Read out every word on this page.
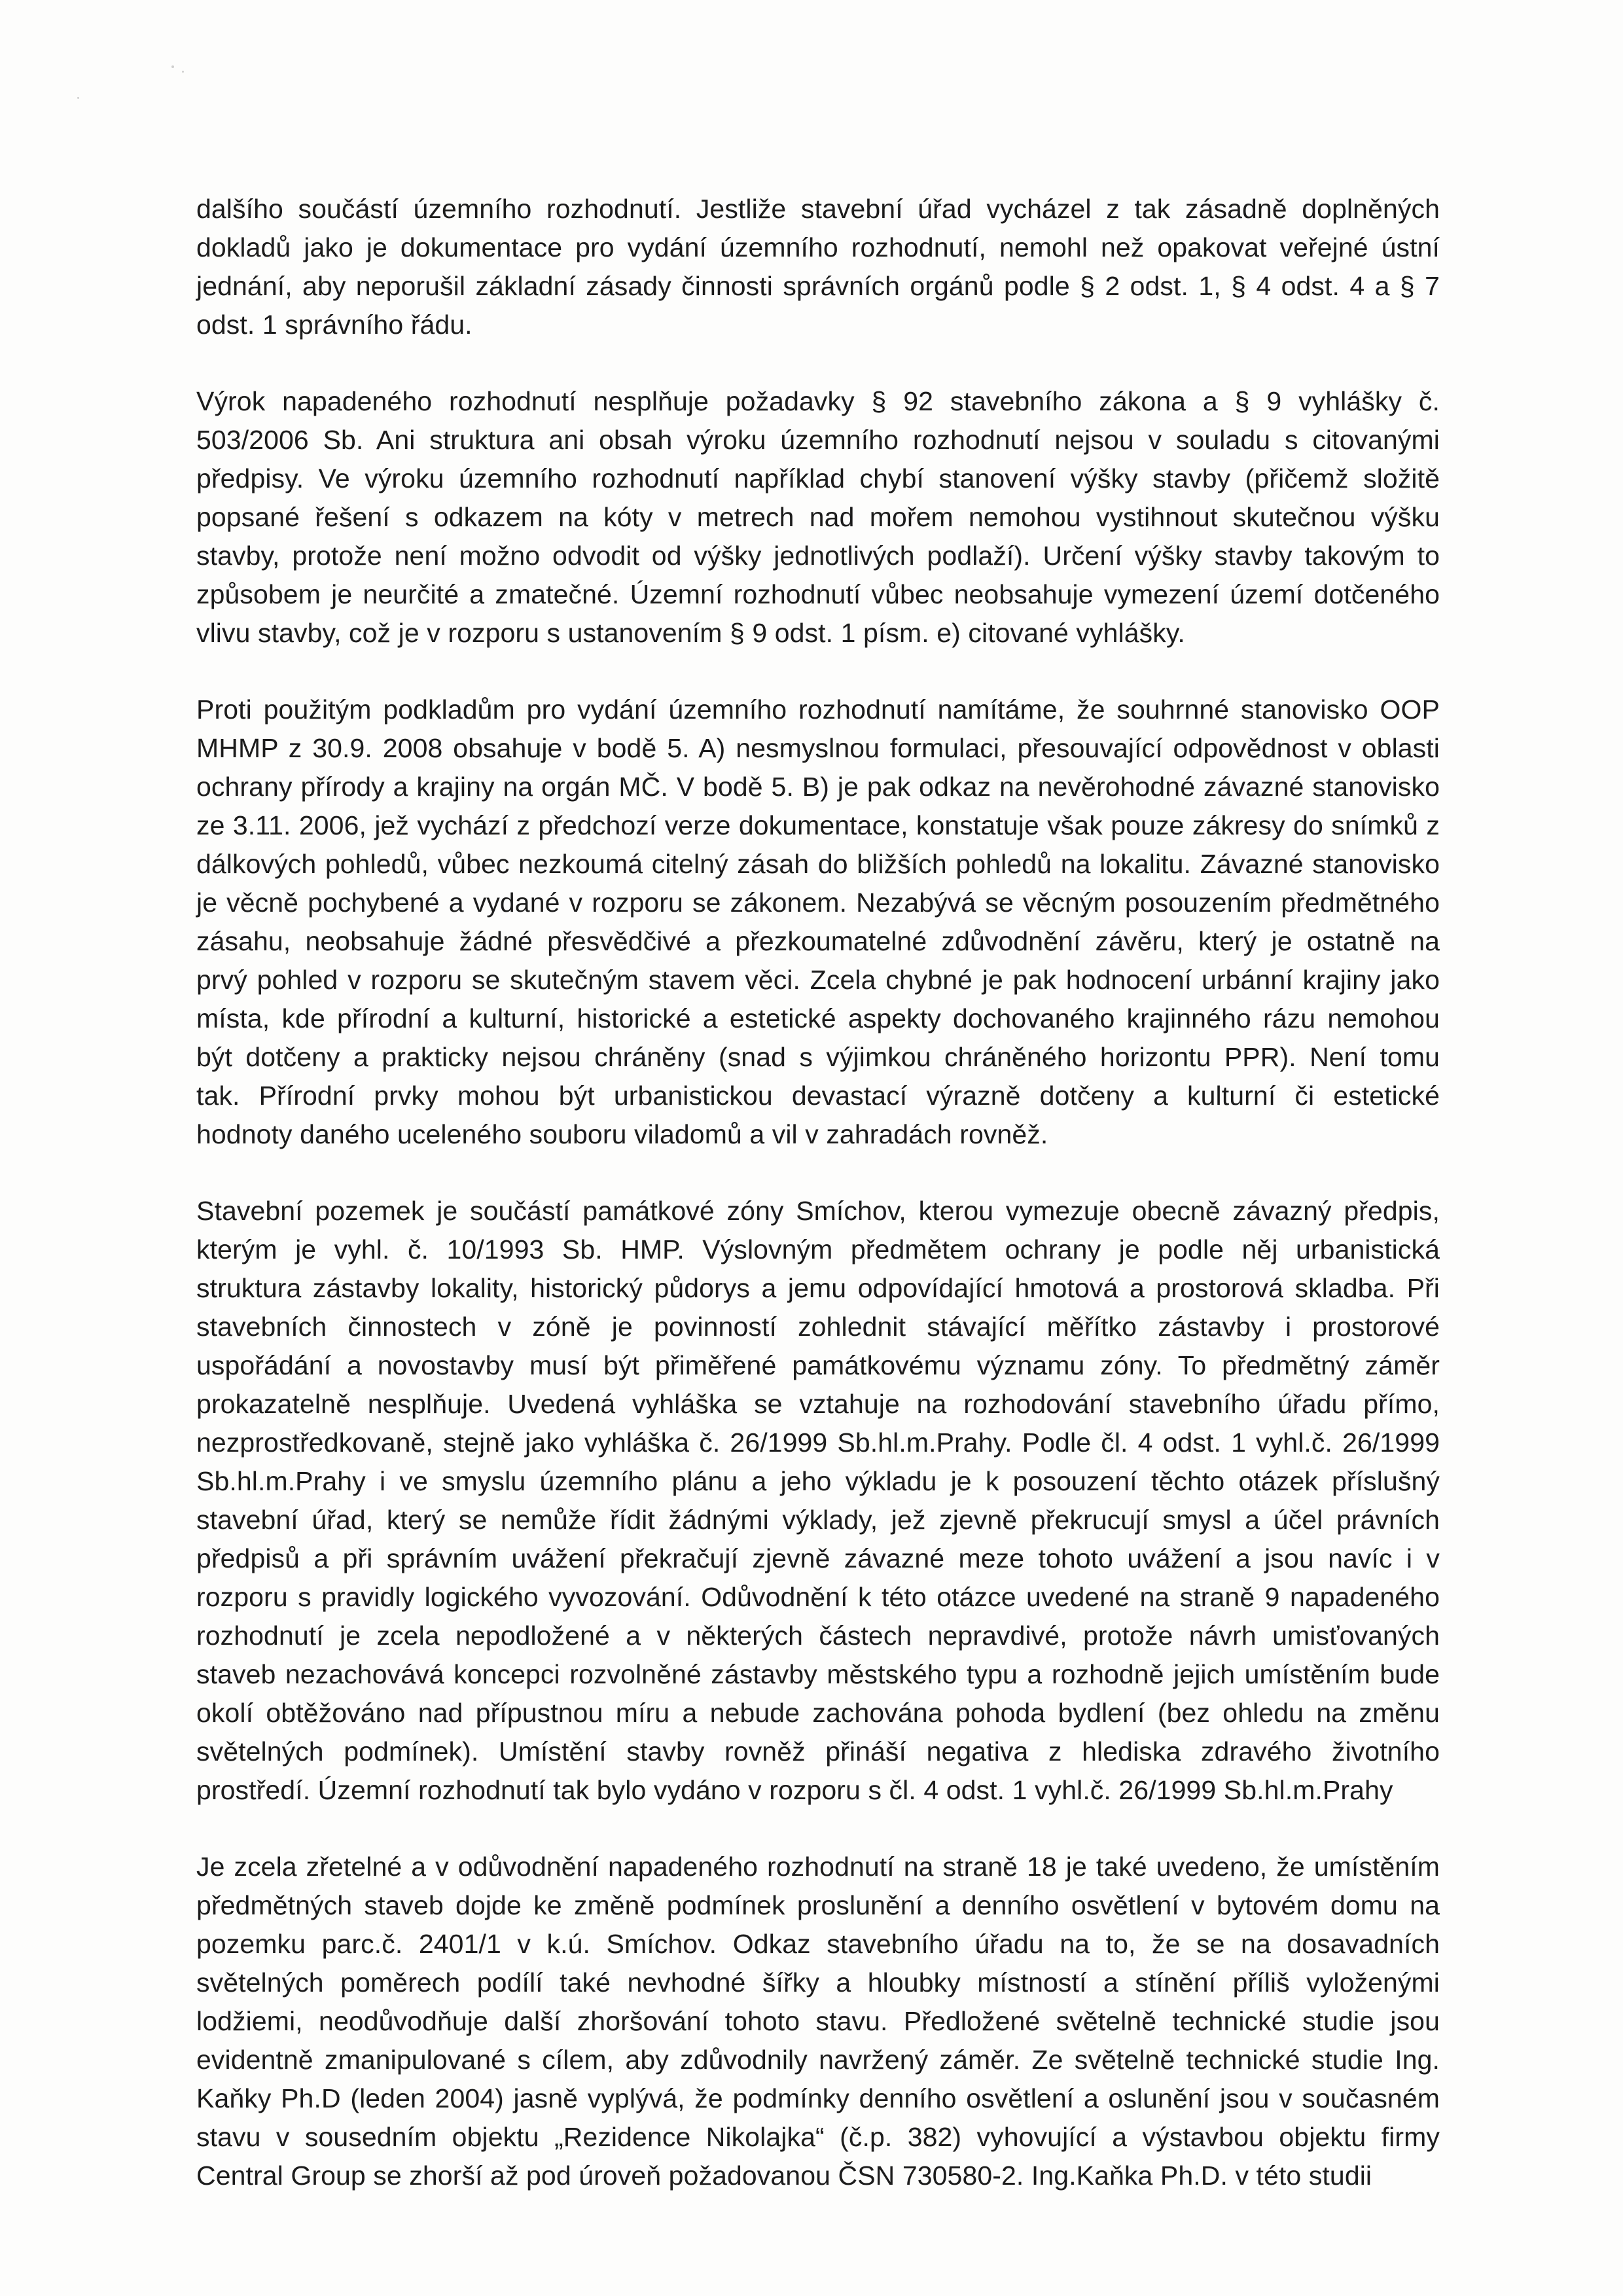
dalšího součástí územního rozhodnutí. Jestliže stavební úřad vycházel z tak zásadně doplněných
dokladů jako je dokumentace pro vydání územního rozhodnutí, nemohl než opakovat veřejné ústní
jednání, aby neporušil základní zásady činnosti správních orgánů podle § 2 odst. 1, § 4 odst. 4 a § 7
odst. 1 správního řádu.
Výrok napadeného rozhodnutí nesplňuje požadavky § 92 stavebního zákona a § 9 vyhlášky č.
503/2006 Sb. Ani struktura ani obsah výroku územního rozhodnutí nejsou v souladu s citovanými
předpisy. Ve výroku územního rozhodnutí například chybí stanovení výšky stavby (přičemž složitě
popsané řešení s odkazem na kóty v metrech nad mořem nemohou vystihnout skutečnou výšku
stavby, protože není možno odvodit od výšky jednotlivých podlaží). Určení výšky stavby takovým to
způsobem je neurčité a zmatečné. Územní rozhodnutí vůbec neobsahuje vymezení území dotčeného
vlivu stavby, což je v rozporu s ustanovením § 9 odst. 1 písm. e) citované vyhlášky.
Proti použitým podkladům pro vydání územního rozhodnutí namítáme, že souhrnné stanovisko OOP
MHMP z 30.9. 2008 obsahuje v bodě 5. A) nesmyslnou formulaci, přesouvající odpovědnost v oblasti
ochrany přírody a krajiny na orgán MČ. V bodě 5. B) je pak odkaz na nevěrohodné závazné stanovisko
ze 3.11. 2006, jež vychází z předchozí verze dokumentace, konstatuje však pouze zákresy do snímků z
dálkových pohledů, vůbec nezkoumá citelný zásah do bližších pohledů na lokalitu. Závazné stanovisko
je věcně pochybené a vydané v rozporu se zákonem. Nezabývá se věcným posouzením předmětného
zásahu, neobsahuje žádné přesvědčivé a přezkoumatelné zdůvodnění závěru, který je ostatně na
prvý pohled v rozporu se skutečným stavem věci. Zcela chybné je pak hodnocení urbánní krajiny jako
místa, kde přírodní a kulturní, historické a estetické aspekty dochovaného krajinného rázu nemohou
být dotčeny a prakticky nejsou chráněny (snad s výjimkou chráněného horizontu PPR). Není tomu
tak. Přírodní prvky mohou být urbanistickou devastací výrazně dotčeny a kulturní či estetické
hodnoty daného uceleného souboru viladomů a vil v zahradách rovněž.
Stavební pozemek je součástí památkové zóny Smíchov, kterou vymezuje obecně závazný předpis,
kterým je vyhl. č. 10/1993 Sb. HMP. Výslovným předmětem ochrany je podle něj urbanistická
struktura zástavby lokality, historický půdorys a jemu odpovídající hmotová a prostorová skladba. Při
stavebních činnostech v zóně je povinností zohlednit stávající měřítko zástavby i prostorové
uspořádání a novostavby musí být přiměřené památkovému významu zóny. To předmětný záměr
prokazatelně nesplňuje. Uvedená vyhláška se vztahuje na rozhodování stavebního úřadu přímo,
nezprostředkovaně, stejně jako vyhláška č. 26/1999 Sb.hl.m.Prahy. Podle čl. 4 odst. 1 vyhl.č. 26/1999
Sb.hl.m.Prahy i ve smyslu územního plánu a jeho výkladu je k posouzení těchto otázek příslušný
stavební úřad, který se nemůže řídit žádnými výklady, jež zjevně překrucují smysl a účel právních
předpisů a při správním uvážení překračují zjevně závazné meze tohoto uvážení a jsou navíc i v
rozporu s pravidly logického vyvozování. Odůvodnění k této otázce uvedené na straně 9 napadeného
rozhodnutí je zcela nepodložené a v některých částech nepravdivé, protože návrh umisťovaných
staveb nezachovává koncepci rozvolněné zástavby městského typu a rozhodně jejich umístěním bude
okolí obtěžováno nad přípustnou míru a nebude zachována pohoda bydlení (bez ohledu na změnu
světelných podmínek). Umístění stavby rovněž přináší negativa z hlediska zdravého životního
prostředí. Územní rozhodnutí tak bylo vydáno v rozporu s čl. 4 odst. 1 vyhl.č. 26/1999 Sb.hl.m.Prahy
Je zcela zřetelné a v odůvodnění napadeného rozhodnutí na straně 18 je také uvedeno, že umístěním
předmětných staveb dojde ke změně podmínek proslunění a denního osvětlení v bytovém domu na
pozemku parc.č. 2401/1 v k.ú. Smíchov. Odkaz stavebního úřadu na to, že se na dosavadních
světelných poměrech podílí také nevhodné šířky a hloubky místností a stínění příliš vyloženými
lodžiemi, neodůvodňuje další zhoršování tohoto stavu. Předložené světelně technické studie jsou
evidentně zmanipulované s cílem, aby zdůvodnily navržený záměr. Ze světelně technické studie Ing.
Kaňky Ph.D (leden 2004) jasně vyplývá, že podmínky denního osvětlení a oslunění jsou v současném
stavu v sousedním objektu „Rezidence Nikolajka“ (č.p. 382) vyhovující a výstavbou objektu firmy
Central Group se zhorší až pod úroveň požadovanou ČSN 730580-2. Ing.Kaňka Ph.D. v této studii
